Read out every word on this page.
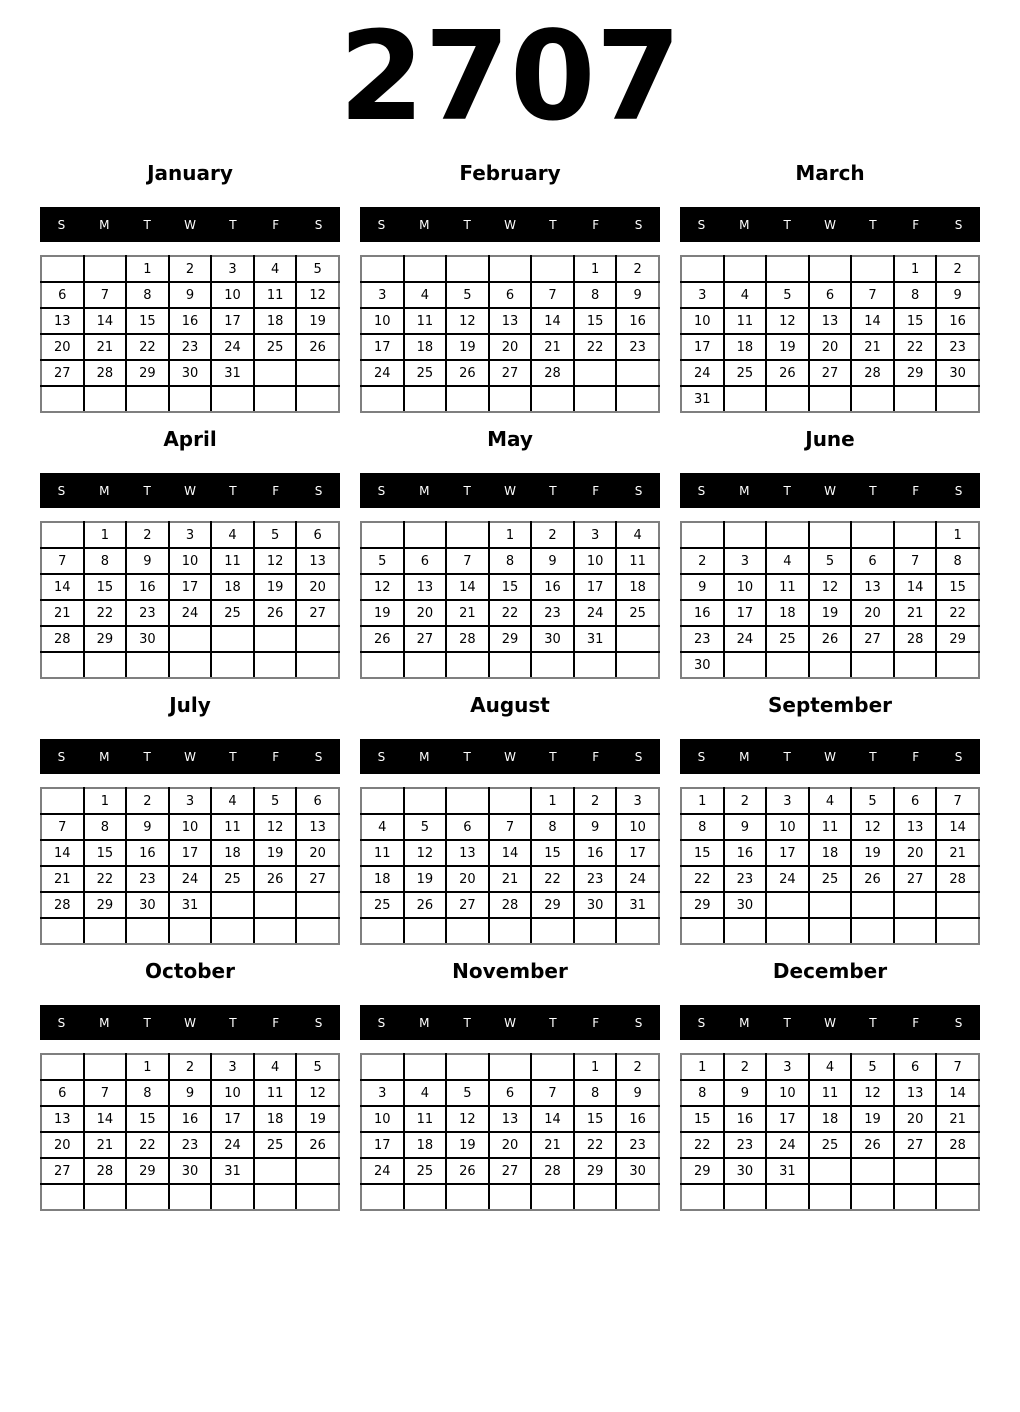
2707
January
S	M	T	W	T	F	S
		1	2	3	4	5
6	7	8	9	10	11	12
13	14	15	16	17	18	19
20	21	22	23	24	25	26
27	28	29	30	31		

February
S	M	T	W	T	F	S
					1	2
3	4	5	6	7	8	9
10	11	12	13	14	15	16
17	18	19	20	21	22	23
24	25	26	27	28		

March
S	M	T	W	T	F	S
					1	2
3	4	5	6	7	8	9
10	11	12	13	14	15	16
17	18	19	20	21	22	23
24	25	26	27	28	29	30
31						
April
S	M	T	W	T	F	S
	1	2	3	4	5	6
7	8	9	10	11	12	13
14	15	16	17	18	19	20
21	22	23	24	25	26	27
28	29	30				

May
S	M	T	W	T	F	S
			1	2	3	4
5	6	7	8	9	10	11
12	13	14	15	16	17	18
19	20	21	22	23	24	25
26	27	28	29	30	31	

June
S	M	T	W	T	F	S
						1
2	3	4	5	6	7	8
9	10	11	12	13	14	15
16	17	18	19	20	21	22
23	24	25	26	27	28	29
30						
July
S	M	T	W	T	F	S
	1	2	3	4	5	6
7	8	9	10	11	12	13
14	15	16	17	18	19	20
21	22	23	24	25	26	27
28	29	30	31			

August
S	M	T	W	T	F	S
				1	2	3
4	5	6	7	8	9	10
11	12	13	14	15	16	17
18	19	20	21	22	23	24
25	26	27	28	29	30	31

September
S	M	T	W	T	F	S
1	2	3	4	5	6	7
8	9	10	11	12	13	14
15	16	17	18	19	20	21
22	23	24	25	26	27	28
29	30					

October
S	M	T	W	T	F	S
		1	2	3	4	5
6	7	8	9	10	11	12
13	14	15	16	17	18	19
20	21	22	23	24	25	26
27	28	29	30	31		

November
S	M	T	W	T	F	S
					1	2
3	4	5	6	7	8	9
10	11	12	13	14	15	16
17	18	19	20	21	22	23
24	25	26	27	28	29	30

December
S	M	T	W	T	F	S
1	2	3	4	5	6	7
8	9	10	11	12	13	14
15	16	17	18	19	20	21
22	23	24	25	26	27	28
29	30	31				
